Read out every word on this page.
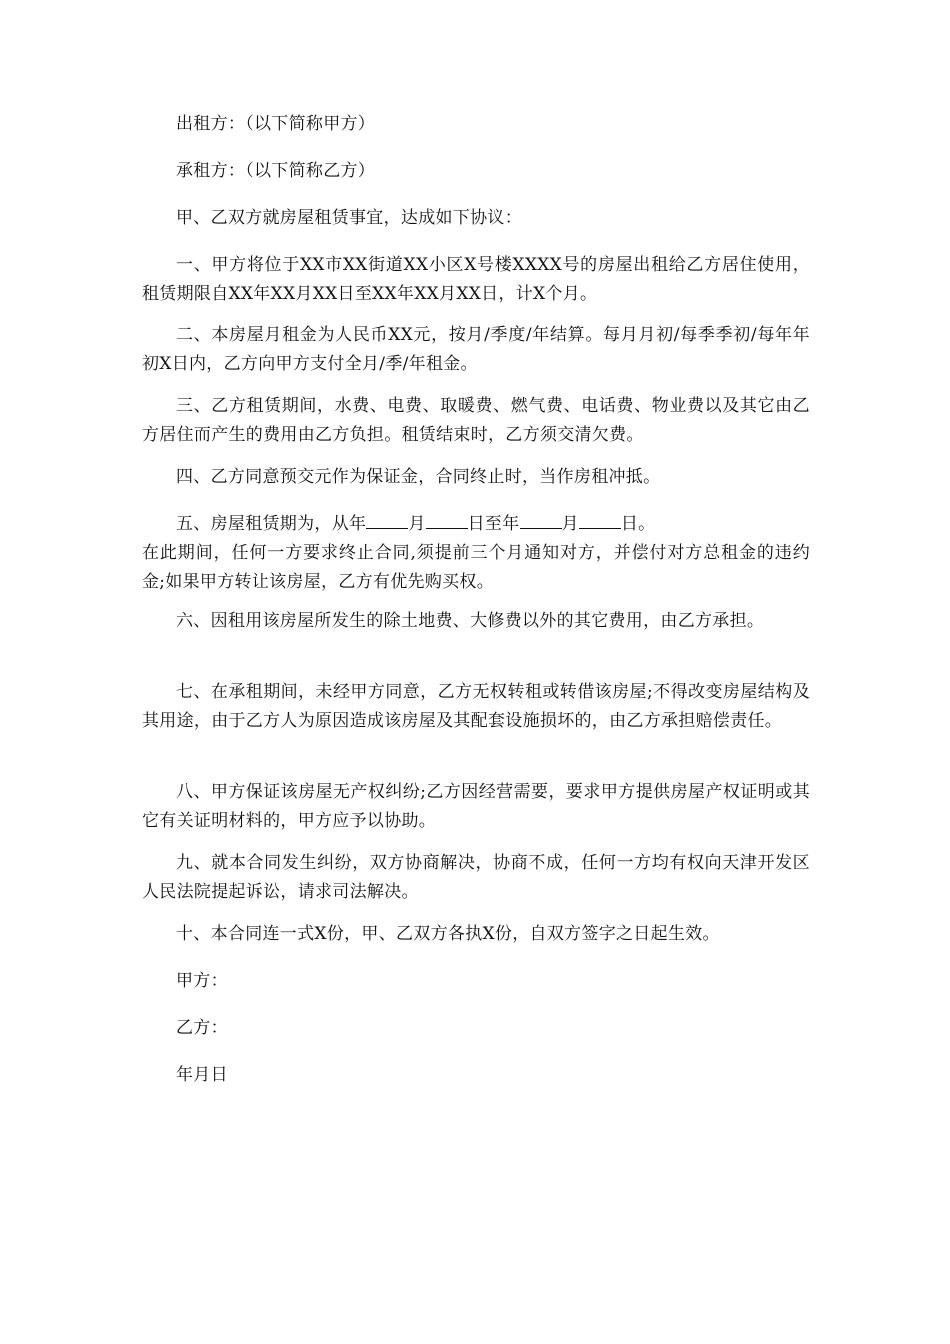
出租方：（以下简称甲方）

承租方：（以下简称乙方）

甲、乙双方就房屋租赁事宜，达成如下协议：

一、甲方将位于XX市XX街道XX小区X号楼XXXX号的房屋出租给乙方居住使用，租赁期限自XX年XX月XX日至XX年XX月XX日，计X个月。

二、本房屋月租金为人民币XX元，按月/季度/年结算。每月月初/每季季初/每年年初X日内，乙方向甲方支付全月/季/年租金。

三、乙方租赁期间，水费、电费、取暖费、燃气费、电话费、物业费以及其它由乙方居住而产生的费用由乙方负担。租赁结束时，乙方须交清欠费。

四、乙方同意预交元作为保证金，合同终止时，当作房租冲抵。

五、房屋租赁期为，从年 月 日至年 月 日。
在此期间，任何一方要求终止合同,须提前三个月通知对方，并偿付对方总租金的违约金;如果甲方转让该房屋，乙方有优先购买权。

六、因租用该房屋所发生的除土地费、大修费以外的其它费用，由乙方承担。

七、在承租期间，未经甲方同意，乙方无权转租或转借该房屋;不得改变房屋结构及其用途，由于乙方人为原因造成该房屋及其配套设施损坏的，由乙方承担赔偿责任。

八、甲方保证该房屋无产权纠纷;乙方因经营需要，要求甲方提供房屋产权证明或其它有关证明材料的，甲方应予以协助。

九、就本合同发生纠纷，双方协商解决，协商不成，任何一方均有权向天津开发区人民法院提起诉讼，请求司法解决。

十、本合同连一式X份，甲、乙双方各执X份，自双方签字之日起生效。

甲方：

乙方：

年月日
